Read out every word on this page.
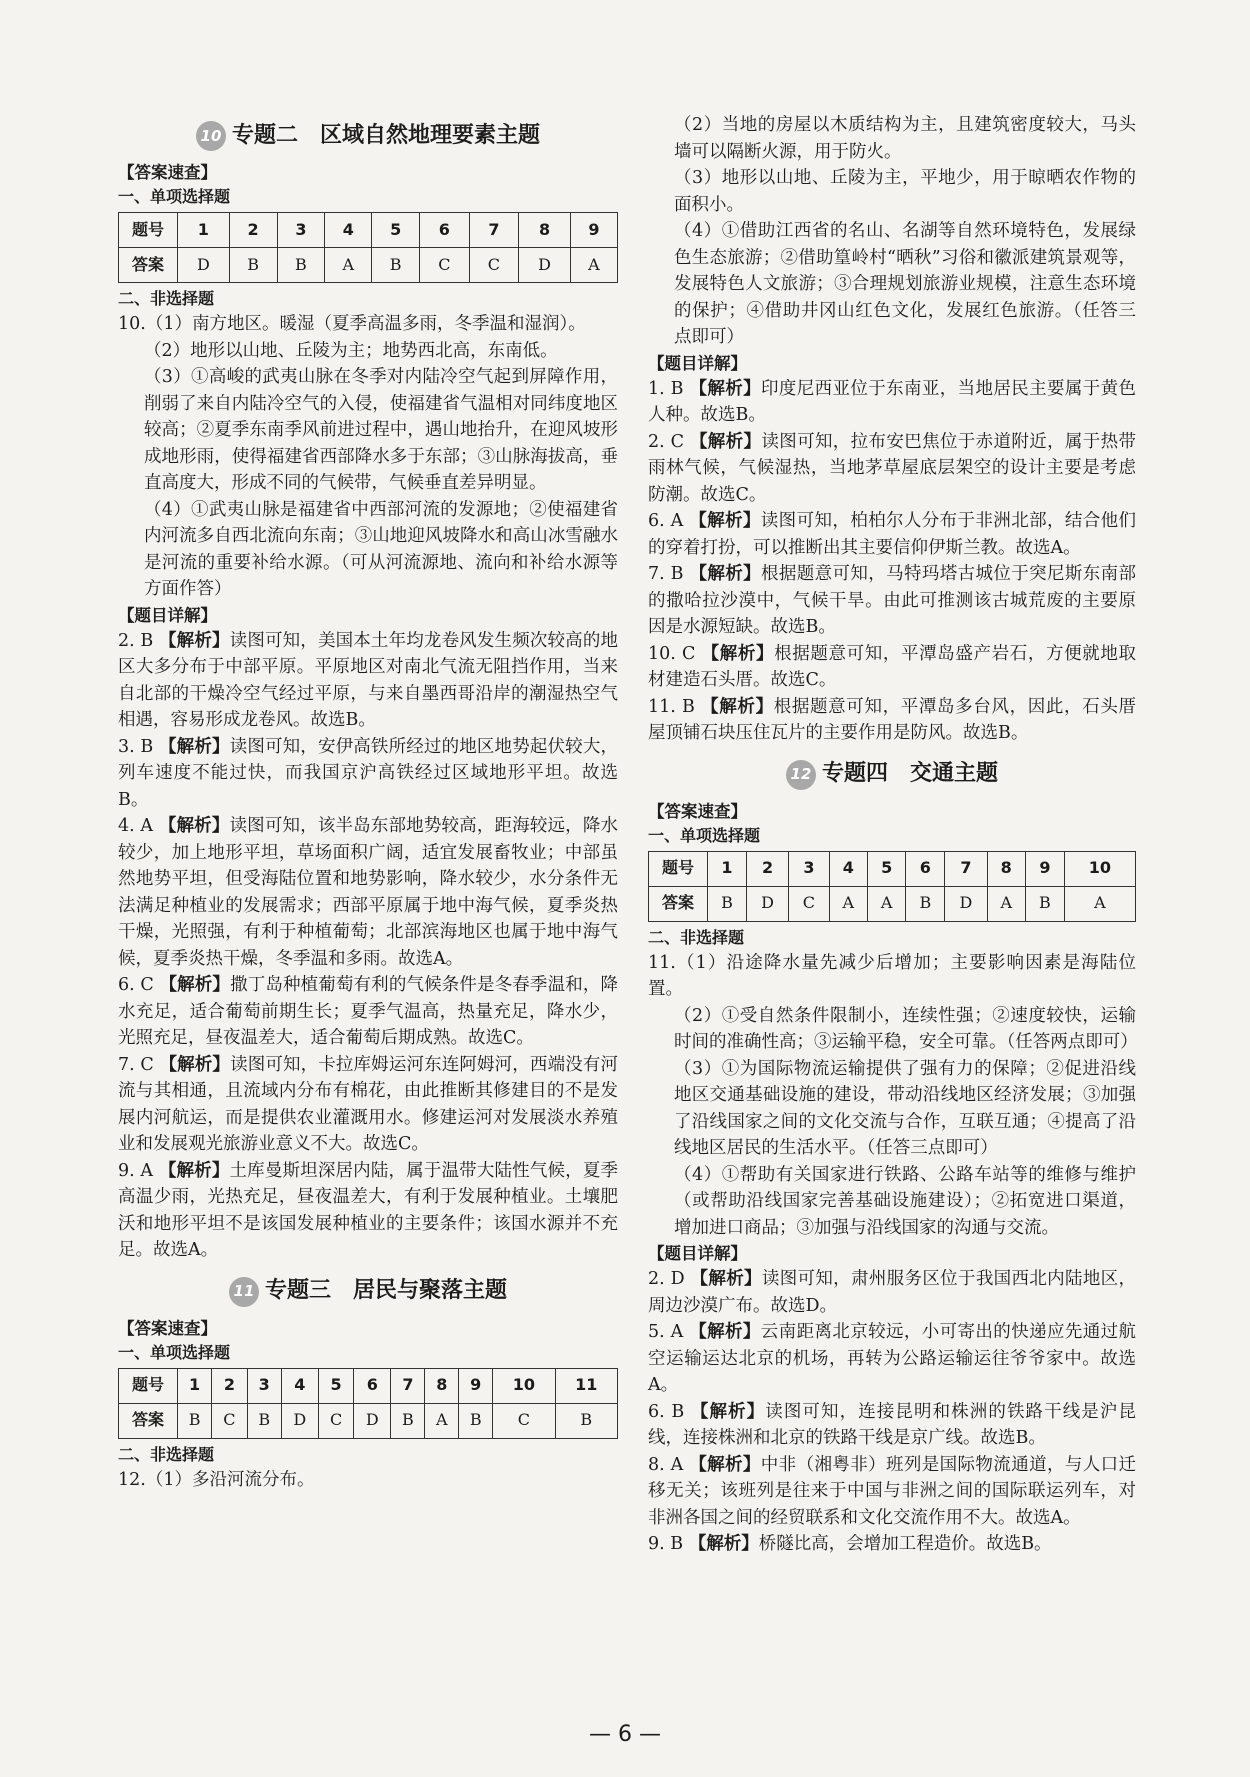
10 专题二 区域自然地理要素主题
【答案速查】
一、单项选择题
题号	1	2	3	4	5	6	7	8	9
答案	D	B	B	A	B	C	C	D	A
二、非选择题
10.（1）南方地区。暖湿（夏季高温多雨，冬季温和湿润）。
（2）地形以山地、丘陵为主；地势西北高，东南低。
（3）①高峻的武夷山脉在冬季对内陆冷空气起到屏障作用，削弱了来自内陆冷空气的入侵，使福建省气温相对同纬度地区较高；②夏季东南季风前进过程中，遇山地抬升，在迎风坡形成地形雨，使得福建省西部降水多于东部；③山脉海拔高，垂直高度大，形成不同的气候带，气候垂直差异明显。
（4）①武夷山脉是福建省中西部河流的发源地；②使福建省内河流多自西北流向东南；③山地迎风坡降水和高山冰雪融水是河流的重要补给水源。（可从河流源地、流向和补给水源等方面作答）
【题目详解】
2. B 【解析】读图可知，美国本土年均龙卷风发生频次较高的地区大多分布于中部平原。平原地区对南北气流无阻挡作用，当来自北部的干燥冷空气经过平原，与来自墨西哥沿岸的潮湿热空气相遇，容易形成龙卷风。故选B。
3. B 【解析】读图可知，安伊高铁所经过的地区地势起伏较大，列车速度不能过快，而我国京沪高铁经过区域地形平坦。故选B。
4. A 【解析】读图可知，该半岛东部地势较高，距海较远，降水较少，加上地形平坦，草场面积广阔，适宜发展畜牧业；中部虽然地势平坦，但受海陆位置和地势影响，降水较少，水分条件无法满足种植业的发展需求；西部平原属于地中海气候，夏季炎热干燥，光照强，有利于种植葡萄；北部滨海地区也属于地中海气候，夏季炎热干燥，冬季温和多雨。故选A。
6. C 【解析】撒丁岛种植葡萄有利的气候条件是冬春季温和，降水充足，适合葡萄前期生长；夏季气温高，热量充足，降水少，光照充足，昼夜温差大，适合葡萄后期成熟。故选C。
7. C 【解析】读图可知，卡拉库姆运河东连阿姆河，西端没有河流与其相通，且流域内分布有棉花，由此推断其修建目的不是发展内河航运，而是提供农业灌溉用水。修建运河对发展淡水养殖业和发展观光旅游业意义不大。故选C。
9. A 【解析】土库曼斯坦深居内陆，属于温带大陆性气候，夏季高温少雨，光热充足，昼夜温差大，有利于发展种植业。土壤肥沃和地形平坦不是该国发展种植业的主要条件；该国水源并不充足。故选A。
11 专题三 居民与聚落主题
【答案速查】
一、单项选择题
题号	1	2	3	4	5	6	7	8	9	10	11
答案	B	C	B	D	C	D	B	A	B	C	B
二、非选择题
12.（1）多沿河流分布。
（2）当地的房屋以木质结构为主，且建筑密度较大，马头墙可以隔断火源，用于防火。
（3）地形以山地、丘陵为主，平地少，用于晾晒农作物的面积小。
（4）①借助江西省的名山、名湖等自然环境特色，发展绿色生态旅游；②借助篁岭村“晒秋”习俗和徽派建筑景观等，发展特色人文旅游；③合理规划旅游业规模，注意生态环境的保护；④借助井冈山红色文化，发展红色旅游。（任答三点即可）
【题目详解】
1. B 【解析】印度尼西亚位于东南亚，当地居民主要属于黄色人种。故选B。
2. C 【解析】读图可知，拉布安巴焦位于赤道附近，属于热带雨林气候，气候湿热，当地茅草屋底层架空的设计主要是考虑防潮。故选C。
6. A 【解析】读图可知，柏柏尔人分布于非洲北部，结合他们的穿着打扮，可以推断出其主要信仰伊斯兰教。故选A。
7. B 【解析】根据题意可知，马特玛塔古城位于突尼斯东南部的撒哈拉沙漠中，气候干旱。由此可推测该古城荒废的主要原因是水源短缺。故选B。
10. C 【解析】根据题意可知，平潭岛盛产岩石，方便就地取材建造石头厝。故选C。
11. B 【解析】根据题意可知，平潭岛多台风，因此，石头厝屋顶铺石块压住瓦片的主要作用是防风。故选B。
12 专题四 交通主题
【答案速查】
一、单项选择题
题号	1	2	3	4	5	6	7	8	9	10
答案	B	D	C	A	A	B	D	A	B	A
二、非选择题
11.（1）沿途降水量先减少后增加；主要影响因素是海陆位置。
（2）①受自然条件限制小，连续性强；②速度较快，运输时间的准确性高；③运输平稳，安全可靠。（任答两点即可）
（3）①为国际物流运输提供了强有力的保障；②促进沿线地区交通基础设施的建设，带动沿线地区经济发展；③加强了沿线国家之间的文化交流与合作，互联互通；④提高了沿线地区居民的生活水平。（任答三点即可）
（4）①帮助有关国家进行铁路、公路车站等的维修与维护（或帮助沿线国家完善基础设施建设）；②拓宽进口渠道，增加进口商品；③加强与沿线国家的沟通与交流。
【题目详解】
2. D 【解析】读图可知，肃州服务区位于我国西北内陆地区，周边沙漠广布。故选D。
5. A 【解析】云南距离北京较远，小可寄出的快递应先通过航空运输运达北京的机场，再转为公路运输运往爷爷家中。故选A。
6. B 【解析】读图可知，连接昆明和株洲的铁路干线是沪昆线，连接株洲和北京的铁路干线是京广线。故选B。
8. A 【解析】中非（湘粤非）班列是国际物流通道，与人口迁移无关；该班列是往来于中国与非洲之间的国际联运列车，对非洲各国之间的经贸联系和文化交流作用不大。故选A。
9. B 【解析】桥隧比高，会增加工程造价。故选B。
— 6 —
